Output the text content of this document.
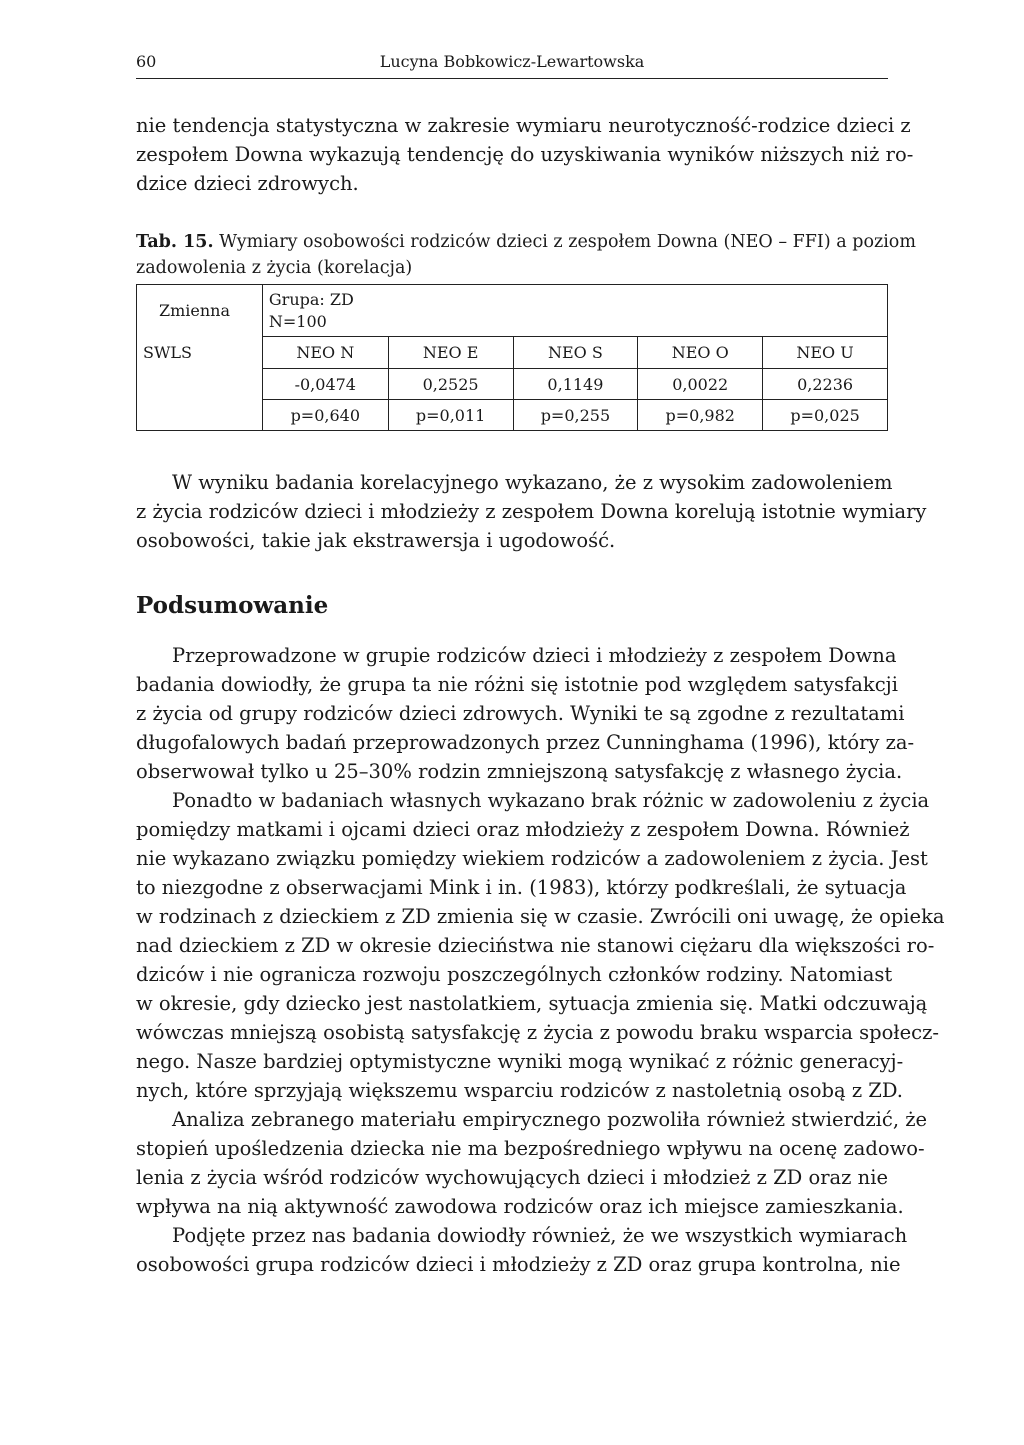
60	Lucyna Bobkowicz-Lewartowska

nie tendencja statystyczna w zakresie wymiaru neurotyczność-rodzice dzieci z
zespołem Downa wykazują tendencję do uzyskiwania wyników niższych niż ro-
dzice dzieci zdrowych.

Tab. 15. Wymiary osobowości rodziców dzieci z zespołem Downa (NEO – FFI) a poziom
zadowolenia z życia (korelacja)

Zmienna	Grupa: ZD
N=100				

SWLS	NEO N	NEO E	NEO S	NEO O	NEO U
	-0,0474	0,2525	0,1149	0,0022	0,2236
	p=0,640	p=0,011	p=0,255	p=0,982	p=0,025

W wyniku badania korelacyjnego wykazano, że z wysokim zadowoleniem
z życia rodziców dzieci i młodzieży z zespołem Downa korelują istotnie wymiary
osobowości, takie jak ekstrawersja i ugodowość.

Podsumowanie

Przeprowadzone w grupie rodziców dzieci i młodzieży z zespołem Downa
badania dowiodły, że grupa ta nie różni się istotnie pod względem satysfakcji
z życia od grupy rodziców dzieci zdrowych. Wyniki te są zgodne z rezultatami
długofalowych badań przeprowadzonych przez Cunninghama (1996), który za-
obserwował tylko u 25–30% rodzin zmniejszoną satysfakcję z własnego życia.

Ponadto w badaniach własnych wykazano brak różnic w zadowoleniu z życia
pomiędzy matkami i ojcami dzieci oraz młodzieży z zespołem Downa. Również
nie wykazano związku pomiędzy wiekiem rodziców a zadowoleniem z życia. Jest
to niezgodne z obserwacjami Mink i in. (1983), którzy podkreślali, że sytuacja
w rodzinach z dzieckiem z ZD zmienia się w czasie. Zwrócili oni uwagę, że opieka
nad dzieckiem z ZD w okresie dzieciństwa nie stanowi ciężaru dla większości ro-
dziców i nie ogranicza rozwoju poszczególnych członków rodziny. Natomiast
w okresie, gdy dziecko jest nastolatkiem, sytuacja zmienia się. Matki odczuwają
wówczas mniejszą osobistą satysfakcję z życia z powodu braku wsparcia społecz-
nego. Nasze bardziej optymistyczne wyniki mogą wynikać z różnic generacyj-
nych, które sprzyjają większemu wsparciu rodziców z nastoletnią osobą z ZD.

Analiza zebranego materiału empirycznego pozwoliła również stwierdzić, że
stopień upośledzenia dziecka nie ma bezpośredniego wpływu na ocenę zadowo-
lenia z życia wśród rodziców wychowujących dzieci i młodzież z ZD oraz nie
wpływa na nią aktywność zawodowa rodziców oraz ich miejsce zamieszkania.

Podjęte przez nas badania dowiodły również, że we wszystkich wymiarach
osobowości grupa rodziców dzieci i młodzieży z ZD oraz grupa kontrolna, nie
